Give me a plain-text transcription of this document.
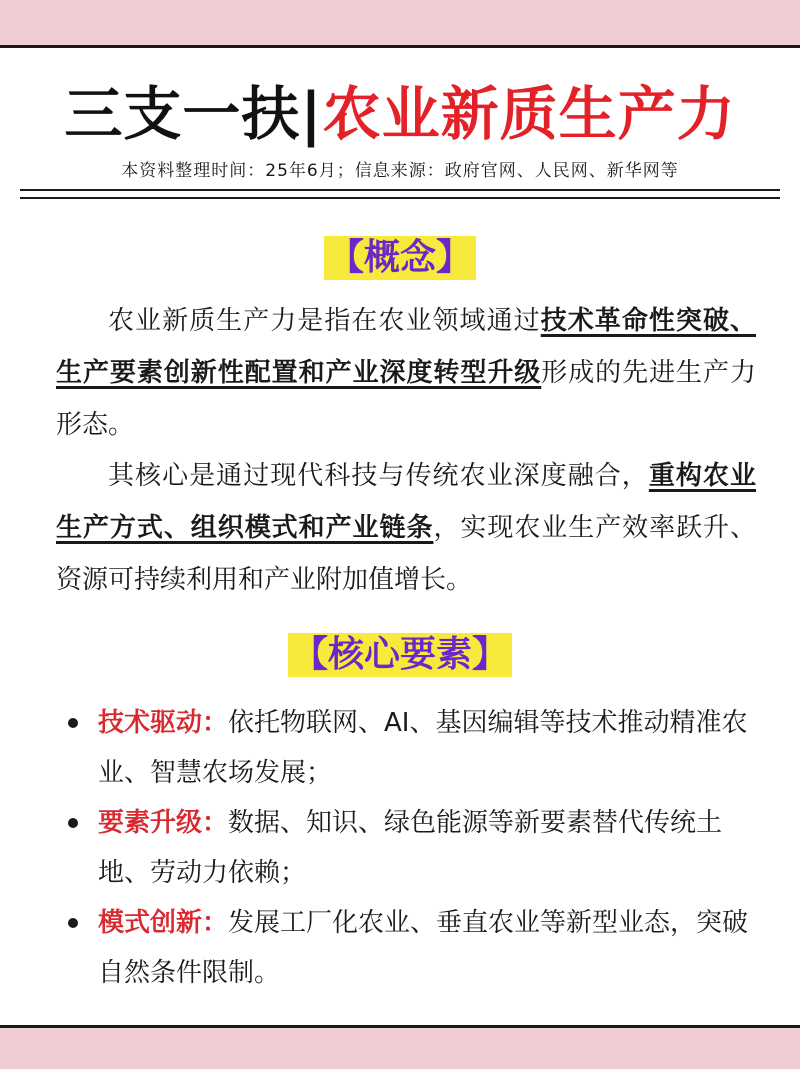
三支一扶|农业新质生产力
本资料整理时间：25年6月；信息来源：政府官网、人民网、新华网等
【概念】
农业新质生产力是指在农业领域通过技术革命性突破、生产要素创新性配置和产业深度转型升级形成的先进生产力形态。
其核心是通过现代科技与传统农业深度融合，重构农业生产方式、组织模式和产业链条，实现农业生产效率跃升、资源可持续利用和产业附加值增长。
【核心要素】
技术驱动：依托物联网、AI、基因编辑等技术推动精准农业、智慧农场发展；
要素升级：数据、知识、绿色能源等新要素替代传统土地、劳动力依赖；
模式创新：发展工厂化农业、垂直农业等新型业态，突破自然条件限制。
